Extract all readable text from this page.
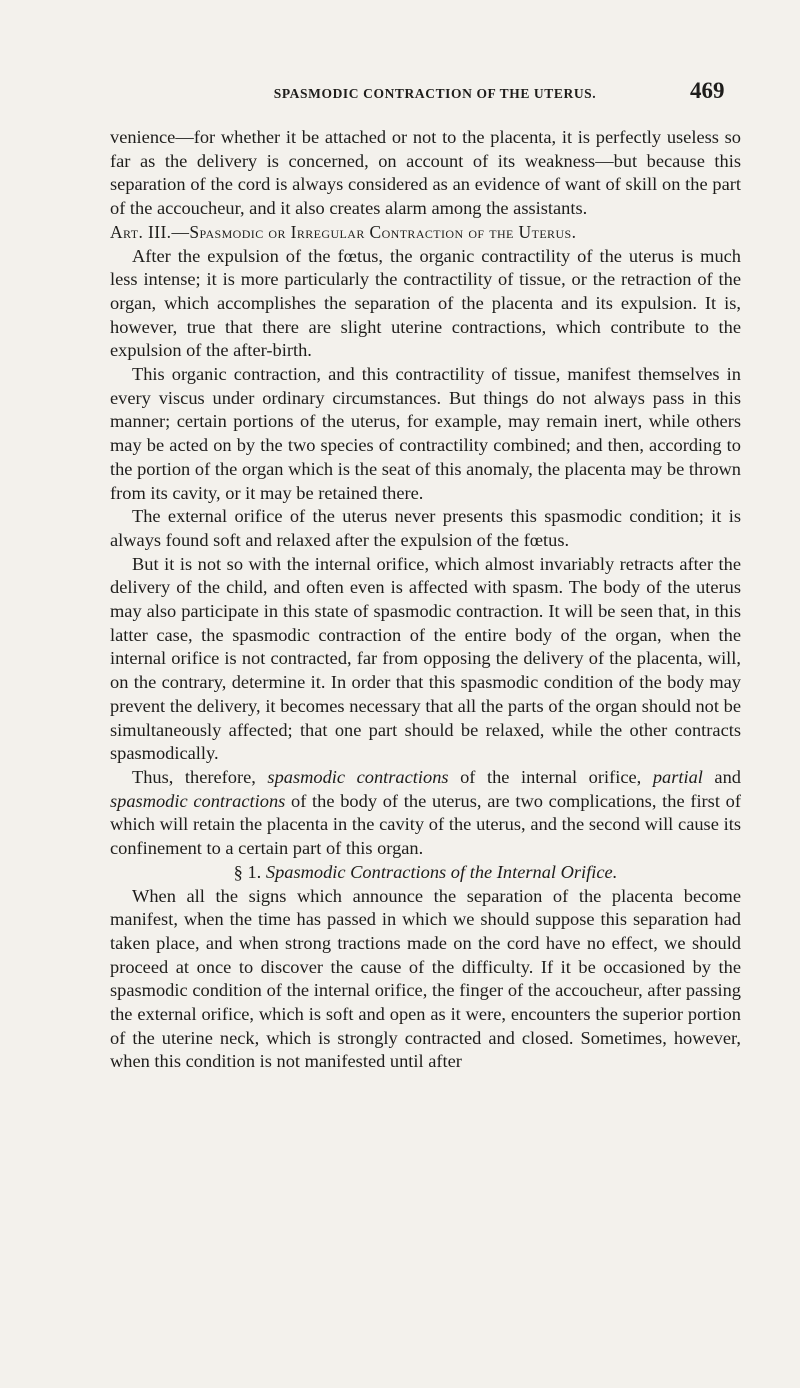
SPASMODIC CONTRACTION OF THE UTERUS.	469

venience—for whether it be attached or not to the placenta, it is perfectly useless so far as the delivery is concerned, on account of its weakness—but because this separation of the cord is always considered as an evidence of want of skill on the part of the accoucheur, and it also creates alarm among the assistants.

Art. III.—Spasmodic or Irregular Contraction of the Uterus.

After the expulsion of the fœtus, the organic contractility of the uterus is much less intense; it is more particularly the contractility of tissue, or the retraction of the organ, which accomplishes the separation of the placenta and its expulsion. It is, however, true that there are slight uterine contractions, which contribute to the expulsion of the after-birth.

This organic contraction, and this contractility of tissue, manifest themselves in every viscus under ordinary circumstances. But things do not always pass in this manner; certain portions of the uterus, for example, may remain inert, while others may be acted on by the two species of contractility combined; and then, according to the portion of the organ which is the seat of this anomaly, the placenta may be thrown from its cavity, or it may be retained there.

The external orifice of the uterus never presents this spasmodic condition; it is always found soft and relaxed after the expulsion of the fœtus.

But it is not so with the internal orifice, which almost invariably retracts after the delivery of the child, and often even is affected with spasm. The body of the uterus may also participate in this state of spasmodic contraction. It will be seen that, in this latter case, the spasmodic contraction of the entire body of the organ, when the internal orifice is not contracted, far from opposing the delivery of the placenta, will, on the contrary, determine it. In order that this spasmodic condition of the body may prevent the delivery, it becomes necessary that all the parts of the organ should not be simultaneously affected; that one part should be relaxed, while the other contracts spasmodically.

Thus, therefore, spasmodic contractions of the internal orifice, partial and spasmodic contractions of the body of the uterus, are two complications, the first of which will retain the placenta in the cavity of the uterus, and the second will cause its confinement to a certain part of this organ.

§ 1. Spasmodic Contractions of the Internal Orifice.

When all the signs which announce the separation of the placenta become manifest, when the time has passed in which we should suppose this separation had taken place, and when strong tractions made on the cord have no effect, we should proceed at once to discover the cause of the difficulty. If it be occasioned by the spasmodic condition of the internal orifice, the finger of the accoucheur, after passing the external orifice, which is soft and open as it were, encounters the superior portion of the uterine neck, which is strongly contracted and closed. Sometimes, however, when this condition is not manifested until after
